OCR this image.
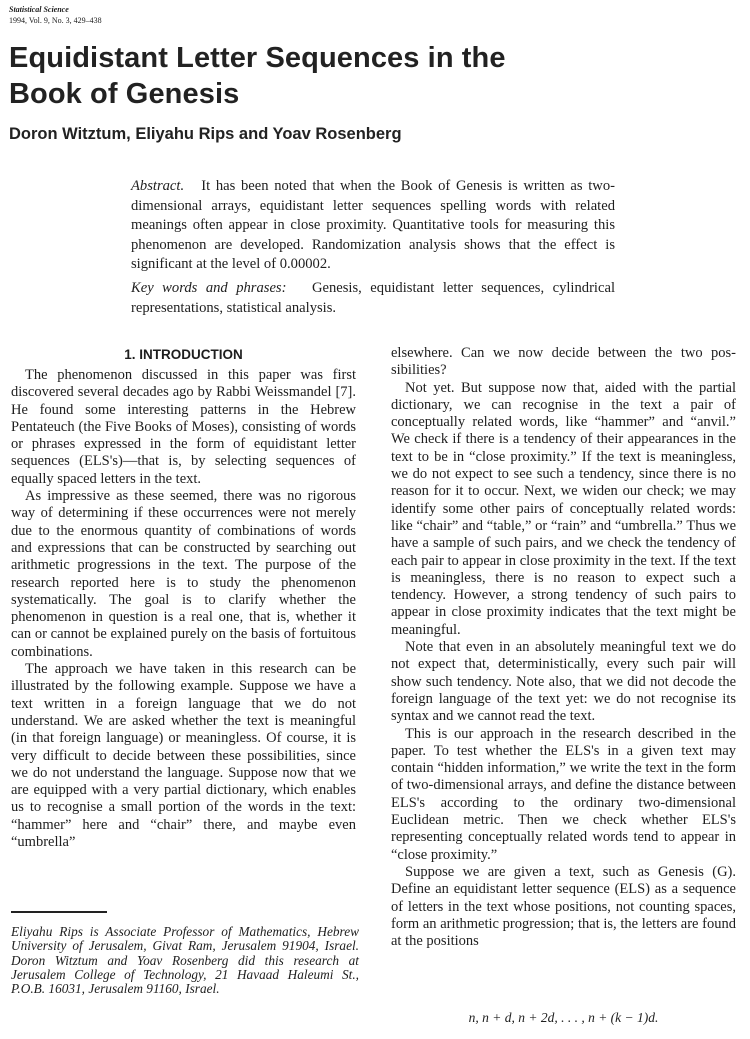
Statistical Science
1994, Vol. 9, No. 3, 429–438
Equidistant Letter Sequences in the
Book of Genesis
Doron Witztum, Eliyahu Rips and Yoav Rosenberg
Abstract. It has been noted that when the Book of Genesis is written as two-dimensional arrays, equidistant letter sequences spelling words with related meanings often appear in close proximity. Quantitative tools for measuring this phenomenon are developed. Randomization analysis shows that the effect is significant at the level of 0.00002.
Key words and phrases: Genesis, equidistant letter sequences, cylindrical representations, statistical analysis.
1. INTRODUCTION

The phenomenon discussed in this paper was first discovered several decades ago by Rabbi Weissmandel [7]. He found some interesting patterns in the Hebrew Pentateuch (the Five Books of Moses), consisting of words or phrases expressed in the form of equidistant letter sequences (ELS's)—that is, by selecting sequences of equally spaced letters in the text.

As impressive as these seemed, there was no rigorous way of determining if these occurrences were not merely due to the enormous quantity of combinations of words and expressions that can be constructed by searching out arithmetic progressions in the text. The purpose of the research reported here is to study the phenomenon systematically. The goal is to clarify whether the phenomenon in question is a real one, that is, whether it can or cannot be explained purely on the basis of fortuitous combinations.

The approach we have taken in this research can be illustrated by the following example. Suppose we have a text written in a foreign language that we do not understand. We are asked whether the text is meaningful (in that foreign language) or meaningless. Of course, it is very difficult to decide between these possibilities, since we do not understand the language. Suppose now that we are equipped with a very partial dictionary, which enables us to recognise a small portion of the words in the text: “hammer” here and “chair” there, and maybe even “umbrella”

elsewhere. Can we now decide between the two possibilities?

Not yet. But suppose now that, aided with the partial dictionary, we can recognise in the text a pair of conceptually related words, like “hammer” and “anvil.” We check if there is a tendency of their appearances in the text to be in “close proximity.” If the text is meaningless, we do not expect to see such a tendency, since there is no reason for it to occur. Next, we widen our check; we may identify some other pairs of conceptually related words: like “chair” and “table,” or “rain” and “umbrella.” Thus we have a sample of such pairs, and we check the tendency of each pair to appear in close proximity in the text. If the text is meaningless, there is no reason to expect such a tendency. However, a strong tendency of such pairs to appear in close proximity indicates that the text might be meaningful.

Note that even in an absolutely meaningful text we do not expect that, deterministically, every such pair will show such tendency. Note also, that we did not decode the foreign language of the text yet: we do not recognise its syntax and we cannot read the text.

This is our approach in the research described in the paper. To test whether the ELS's in a given text may contain “hidden information,” we write the text in the form of two-dimensional arrays, and define the distance between ELS's according to the ordinary two-dimensional Euclidean metric. Then we check whether ELS's representing conceptually related words tend to appear in “close proximity.”

Suppose we are given a text, such as Genesis (G). Define an equidistant letter sequence (ELS) as a sequence of letters in the text whose positions, not counting spaces, form an arithmetic progression; that is, the letters are found at the positions

n, n + d, n + 2d, . . . , n + (k − 1)d.
Eliyahu Rips is Associate Professor of Mathematics, Hebrew University of Jerusalem, Givat Ram, Jerusalem 91904, Israel. Doron Witztum and Yoav Rosenberg did this research at Jerusalem College of Technology, 21 Havaad Haleumi St., P.O.B. 16031, Jerusalem 91160, Israel.
